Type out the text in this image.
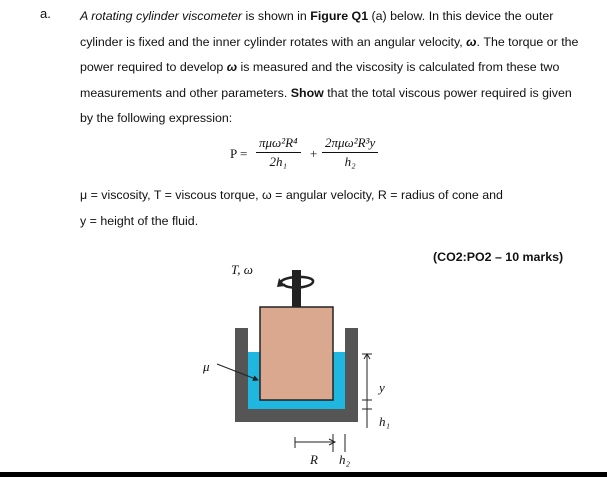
a. A rotating cylinder viscometer is shown in Figure Q1 (a) below. In this device the outer cylinder is fixed and the inner cylinder rotates with an angular velocity, ω. The torque or the power required to develop ω is measured and the viscosity is calculated from these two measurements and other parameters. Show that the total viscous power required is given by the following expression:

P =
πμω²R⁴
2h₁
+
2πμω²R³y
h₂
μ = viscosity, T = viscous torque, ω = angular velocity, R = radius of cone and
y = height of the fluid.
(CO2:PO2 – 10 marks)
T, ω
μ
y
h₁
R h₂
